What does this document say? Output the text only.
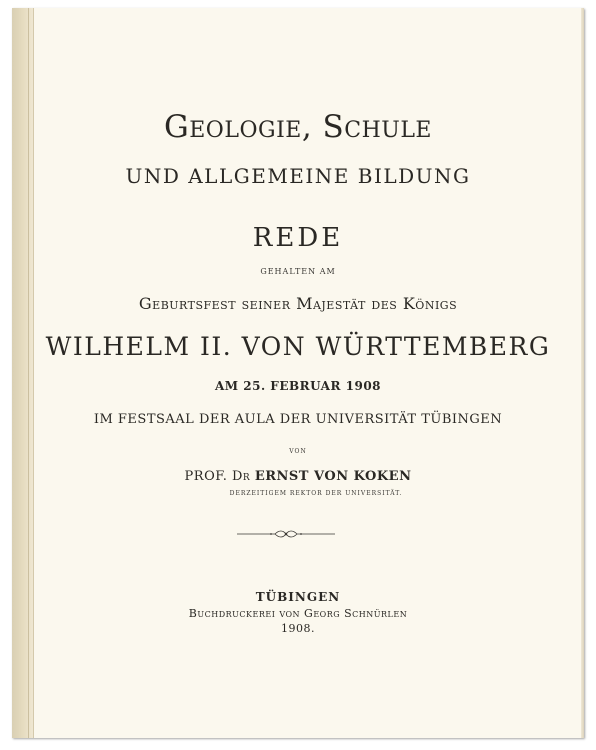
Geologie, Schule
UND ALLGEMEINE BILDUNG
REDE
GEHALTEN AM
Geburtsfest seiner Majestät des Königs
WILHELM II. VON WÜRTTEMBERG
AM 25. FEBRUAR 1908
IM FESTSAAL DER AULA DER UNIVERSITÄT TÜBINGEN
von
PROF. Dr ERNST VON KOKEN
DERZEITIGEM REKTOR DER UNIVERSITÄT.
TÜBINGEN
Buchdruckerei von Georg Schnürlen
1908.
